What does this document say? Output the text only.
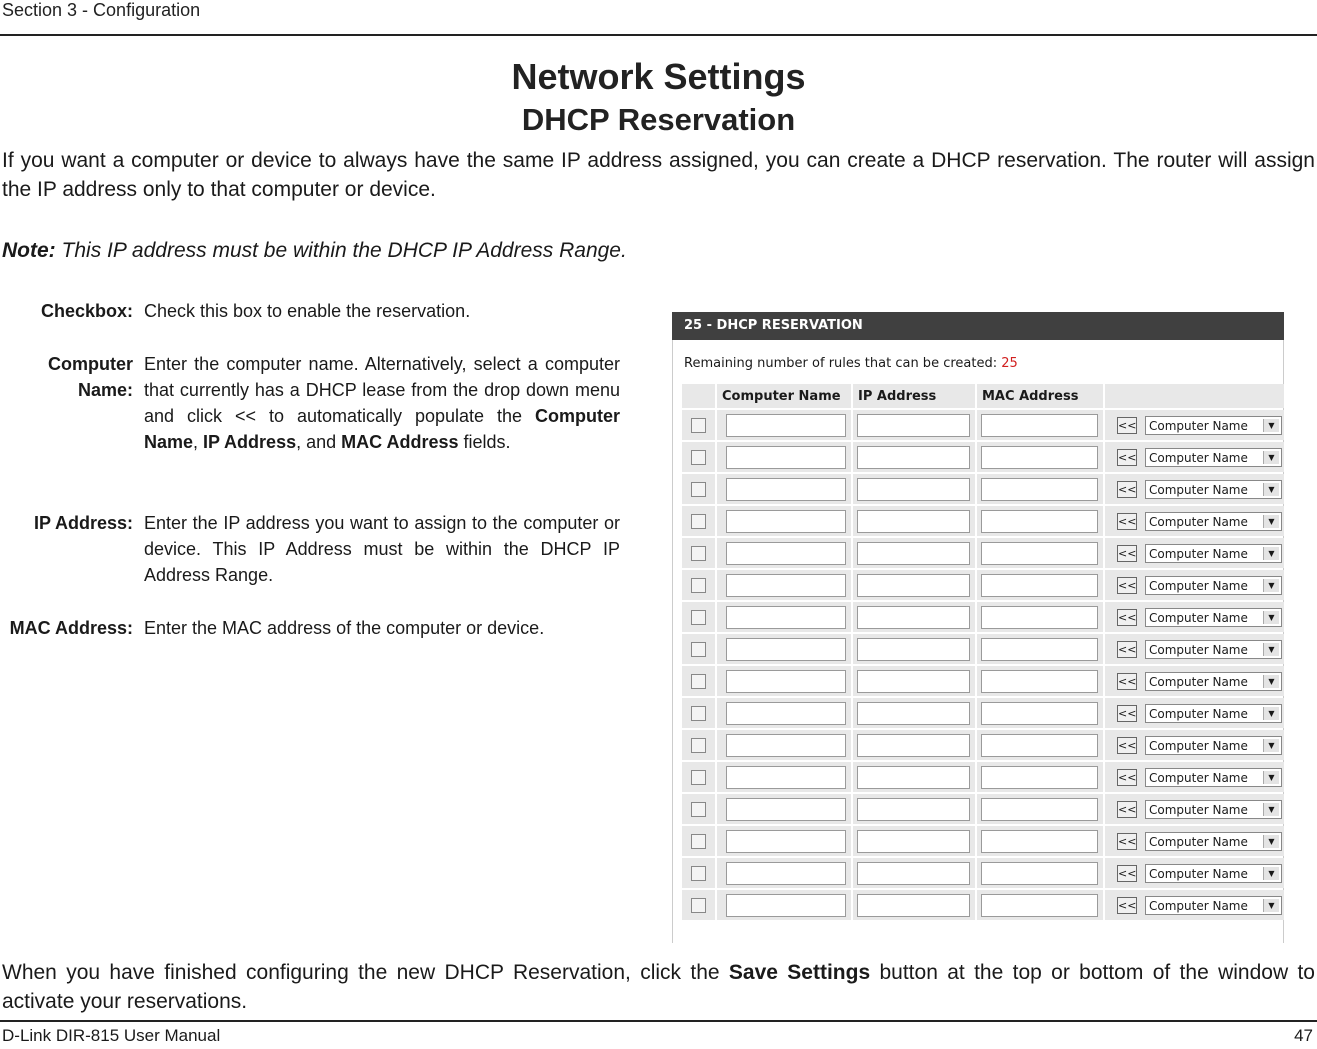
Section 3 - Configuration
Network Settings
DHCP Reservation
If you want a computer or device to always have the same IP address assigned, you can create a DHCP reservation. The router will assign the IP address only to that computer or device.
Note: This IP address must be within the DHCP IP Address Range.
Checkbox: Check this box to enable the reservation.
Computer
Name:
Enter the computer name. Alternatively, select a computer that currently has a DHCP lease from the drop down menu and click << to automatically populate the Computer Name, IP Address, and MAC Address fields.
IP Address: Enter the IP address you want to assign to the computer or device. This IP Address must be within the DHCP IP Address Range.
MAC Address: Enter the MAC address of the computer or device.
25 - DHCP RESERVATION
Remaining number of rules that can be created: 25
	Computer Name	IP Address	MAC Address	

				<< Computer Name ▼

				<< Computer Name ▼

				<< Computer Name ▼

				<< Computer Name ▼

				<< Computer Name ▼

				<< Computer Name ▼

				<< Computer Name ▼

				<< Computer Name ▼

				<< Computer Name ▼

				<< Computer Name ▼

				<< Computer Name ▼

				<< Computer Name ▼

				<< Computer Name ▼

				<< Computer Name ▼

				<< Computer Name ▼

				<< Computer Name ▼
When you have finished configuring the new DHCP Reservation, click the Save Settings button at the top or bottom of the window to activate your reservations.
D-Link DIR-815 User Manual	47
